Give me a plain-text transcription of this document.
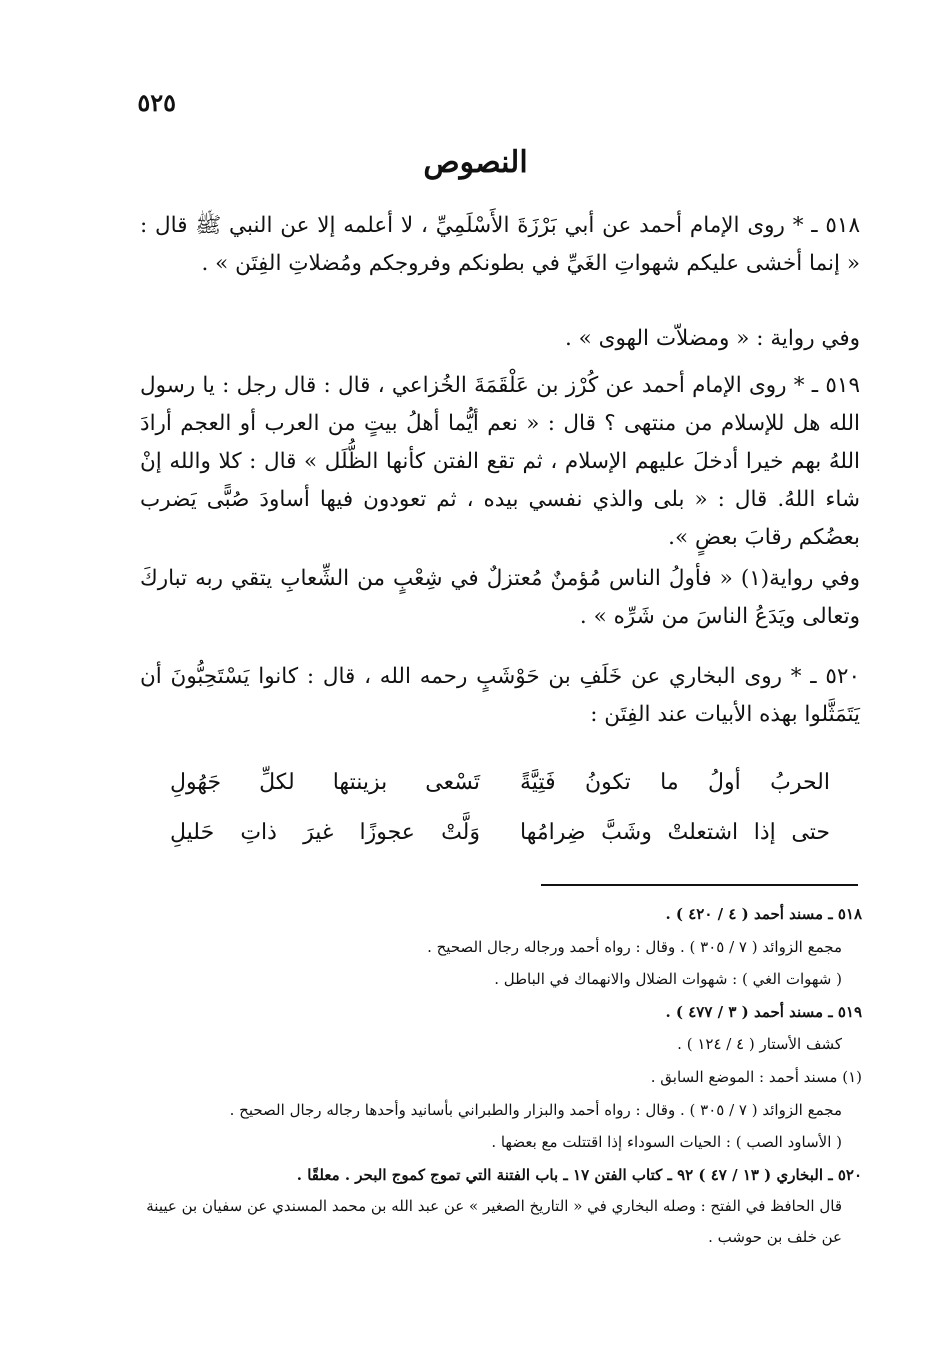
٥٢٥
النصوص

٥١٨ ـ * روى الإمام أحمد عن أبي بَرْزَةَ الأَسْلَمِيِّ ، لا أعلمه إلا عن النبي ﷺ قال : « إنما أخشى عليكم شهواتِ الغَيِّ في بطونكم وفروجكم ومُضلاتِ الفِتَن » .

وفي رواية : « ومضلاّت الهوى » .

٥١٩ ـ * روى الإمام أحمد عن كُرْز بن عَلْقَمَةَ الخُزاعي ، قال : قال رجل : يا رسول الله هل للإسلام من منتهى ؟ قال : « نعم أيُّما أهلُ بيتٍ من العرب أو العجم أرادَ اللهُ بهم خيرا أدخلَ عليهم الإسلام ، ثم تقع الفتن كأنها الظُّلَل » قال : كلا والله إنْ شاء اللهُ. قال : « بلى والذي نفسي بيده ، ثم تعودون فيها أساودَ صُبًّى يَضرب بعضُكم رقابَ بعضٍ ».

وفي رواية(١) « فأولُ الناس مُؤمنٌ مُعتزلٌ في شِعْبٍ من الشِّعابِ يتقي ربه تباركَ وتعالى ويَدَعُ الناسَ من شَرِّه » .

٥٢٠ ـ * روى البخاري عن خَلَفِ بن حَوْشَبٍ رحمه الله ، قال : كانوا يَسْتَحِبُّونَ أن يَتَمَثَّلوا بهذه الأبيات عند الفِتَن :

الحربُ أولُ ما تكونُ فَتِيَّةً
تَسْعى بزينتها لكلِّ جَهُولِ
حتى إذا اشتعلتْ وشَبَّ ضِرامُها
وَلَّتْ عجوزًا غيرَ ذاتِ حَليلِ

٥١٨ ـ مسند أحمد ( ٤ / ٤٢٠ ) .

مجمع الزوائد ( ٧ / ٣٠٥ ) . وقال : رواه أحمد ورجاله رجال الصحيح .

( شهوات الغي ) : شهوات الضلال والانهماك في الباطل .

٥١٩ ـ مسند أحمد ( ٣ / ٤٧٧ ) .

كشف الأستار ( ٤ / ١٢٤ ) .

(١) مسند أحمد : الموضع السابق .

مجمع الزوائد ( ٧ / ٣٠٥ ) . وقال : رواه أحمد والبزار والطبراني بأسانيد وأحدها رجاله رجال الصحيح .

( الأساود الصب ) : الحيات السوداء إذا اقتتلت مع بعضها .

٥٢٠ ـ البخاري ( ١٣ / ٤٧ ) ٩٢ ـ كتاب الفتن ١٧ ـ باب الفتنة التي تموج كموج البحر . معلقًا .

قال الحافظ في الفتح : وصله البخاري في « التاريخ الصغير » عن عبد الله بن محمد المسندي عن سفيان بن عيينة عن خلف بن حوشب .
